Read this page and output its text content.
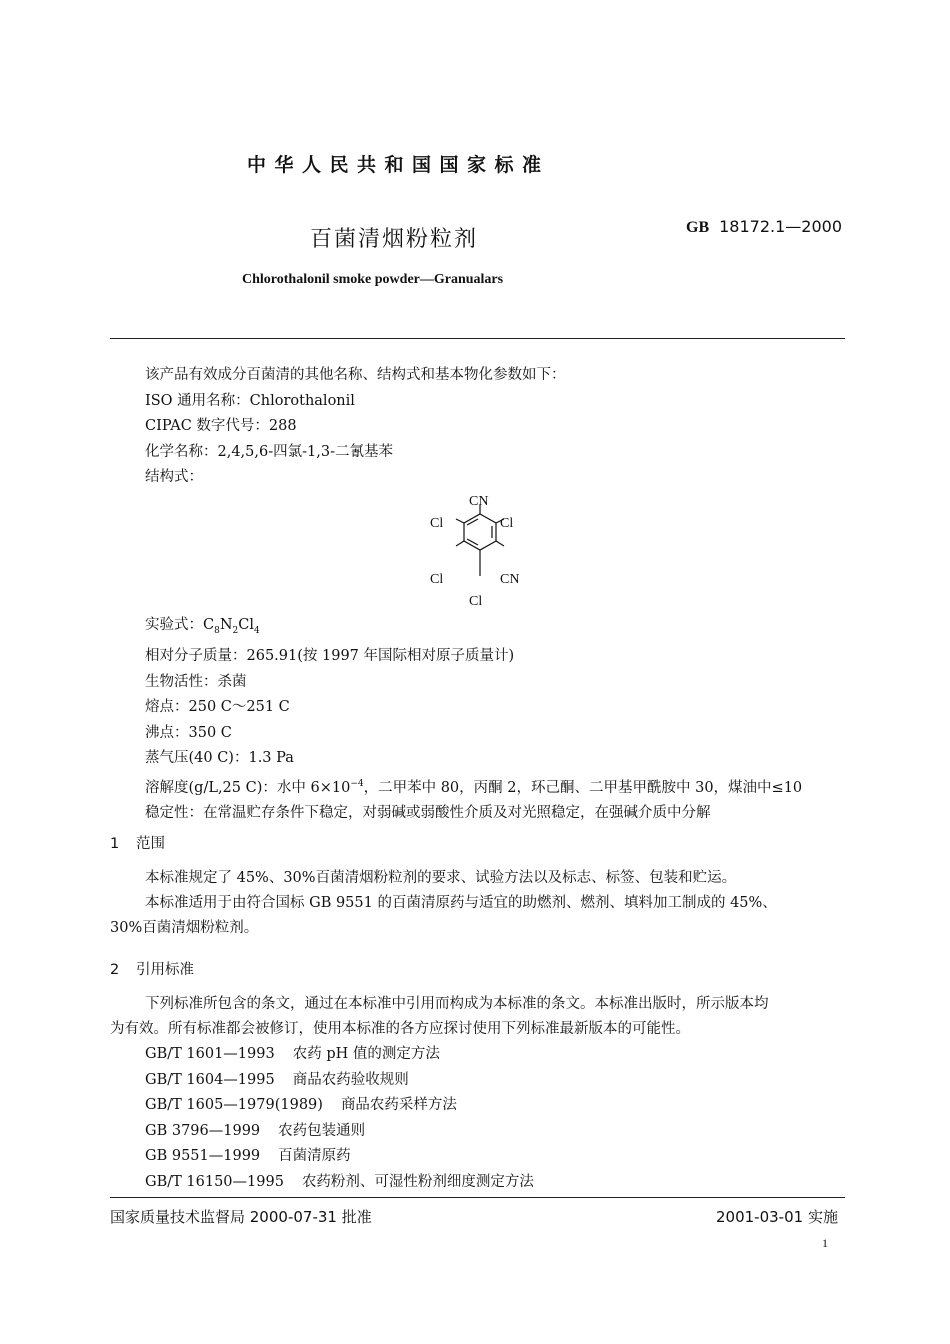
中华人民共和国国家标准
百菌清烟粉粒剂	GB 18172.1—2000
Chlorothalonil smoke powder—Granualars
该产品有效成分百菌清的其他名称、结构式和基本物化参数如下：
ISO 通用名称：Chlorothalonil
CIPAC 数字代号：288
化学名称：2,4,5,6-四氯-1,3-二氰基苯
结构式：
CN
Cl	Cl
Cl	CN
Cl
实验式：$C_8N_2Cl_4$
相对分子质量：265.91(按 1997 年国际相对原子质量计)
生物活性：杀菌
熔点：250 C～251 C
沸点：350 C
蒸气压(40 C)：1.3 Pa
溶解度(g/L,25 C)：水中 $6\times 10^{-4}$，二甲苯中 80，丙酮 2，环己酮、二甲基甲酰胺中 30，煤油中≤10
稳定性：在常温贮存条件下稳定，对弱碱或弱酸性介质及对光照稳定，在强碱介质中分解
1 范围
本标准规定了 45%、30%百菌清烟粉粒剂的要求、试验方法以及标志、标签、包装和贮运。
本标准适用于由符合国标 GB 9551 的百菌清原药与适宜的助燃剂、燃剂、填料加工制成的 45%、
30%百菌清烟粉粒剂。
2 引用标准
下列标准所包含的条文，通过在本标准中引用而构成为本标准的条文。本标准出版时，所示版本均
为有效。所有标准都会被修订，使用本标准的各方应探讨使用下列标准最新版本的可能性。
GB/T 1601—1993 农药 pH 值的测定方法
GB/T 1604—1995 商品农药验收规则
GB/T 1605—1979(1989) 商品农药采样方法
GB 3796—1999 农药包装通则
GB 9551—1999 百菌清原药
GB/T 16150—1995 农药粉剂、可湿性粉剂细度测定方法
国家质量技术监督局 2000-07-31 批准	2001-03-01 实施
1
